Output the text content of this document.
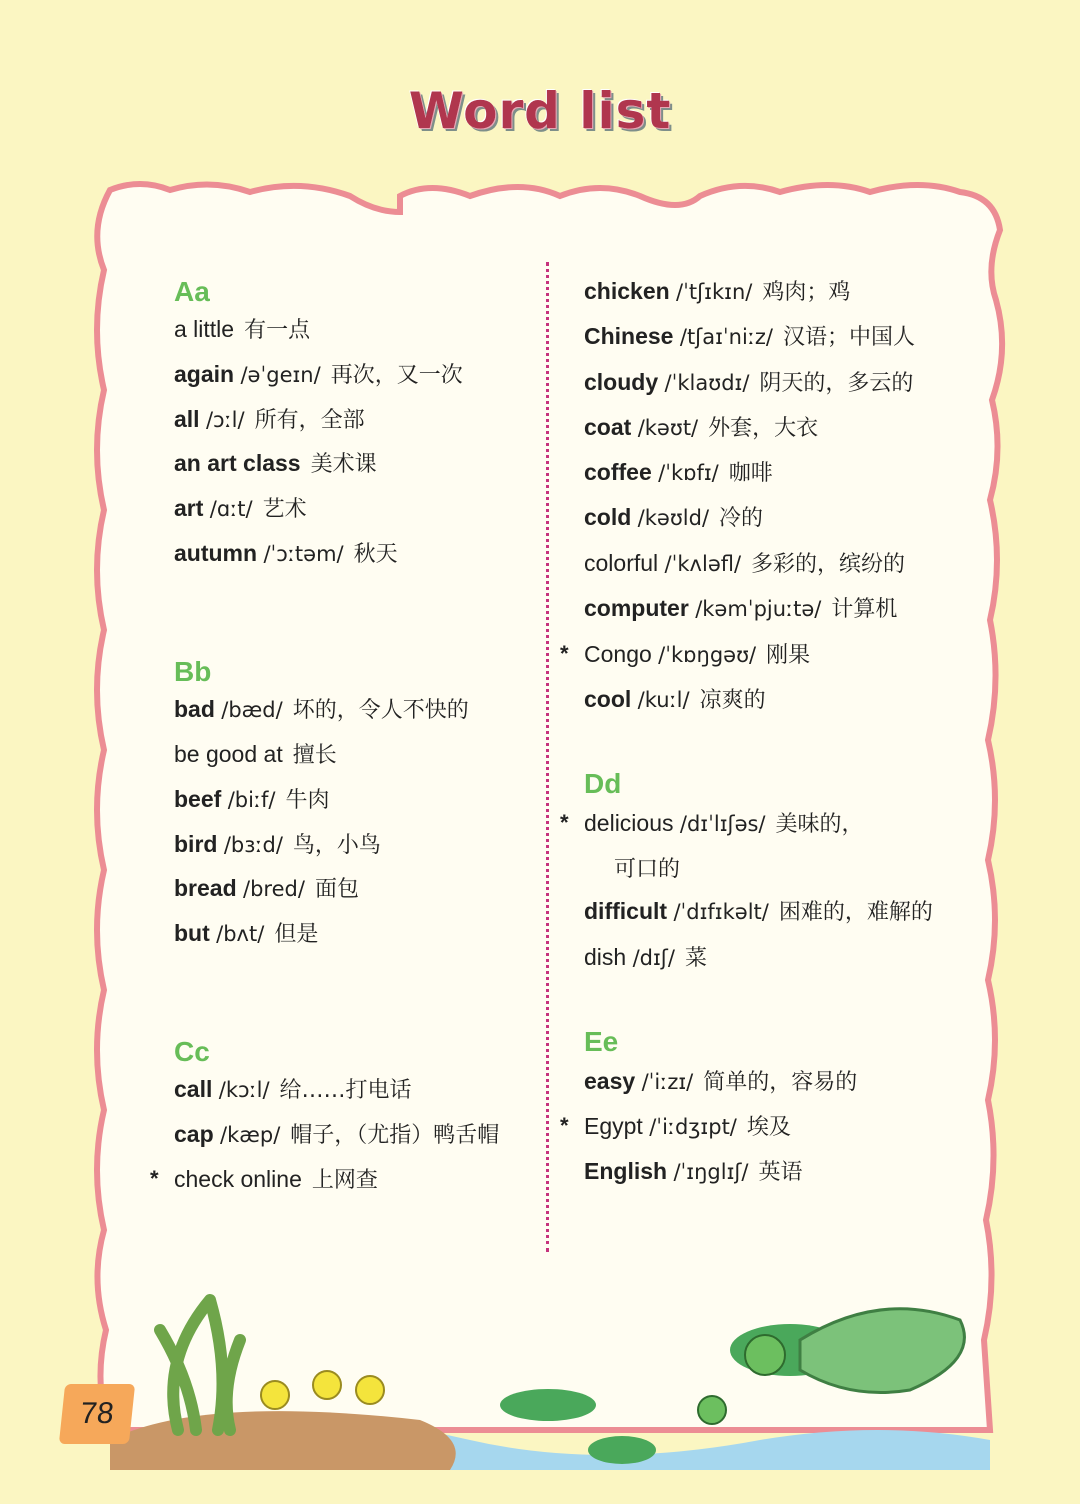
Word list
Aa
Bb
Cc
a little 有一点
again /əˈgeɪn/ 再次，又一次
all /ɔːl/ 所有，全部
an art class 美术课
art /ɑːt/ 艺术
autumn /ˈɔːtəm/ 秋天
bad /bæd/ 坏的，令人不快的
be good at 擅长
beef /biːf/ 牛肉
bird /bɜːd/ 鸟，小鸟
bread /bred/ 面包
but /bʌt/ 但是
call /kɔːl/ 给……打电话
cap /kæp/ 帽子，（尤指）鸭舌帽
check online 上网查
*
Dd
Ee
chicken /ˈtʃɪkɪn/ 鸡肉；鸡
Chinese /tʃaɪˈniːz/ 汉语；中国人
cloudy /ˈklaʊdɪ/ 阴天的，多云的
coat /kəʊt/ 外套，大衣
coffee /ˈkɒfɪ/ 咖啡
cold /kəʊld/ 冷的
colorful /ˈkʌləfl/ 多彩的，缤纷的
computer /kəmˈpjuːtə/ 计算机
Congo /ˈkɒŋgəʊ/ 刚果
*
cool /kuːl/ 凉爽的
delicious /dɪˈlɪʃəs/ 美味的，
*
可口的
difficult /ˈdɪfɪkəlt/ 困难的，难解的
dish /dɪʃ/ 菜
easy /ˈiːzɪ/ 简单的，容易的
Egypt /ˈiːdʒɪpt/ 埃及
*
English /ˈɪŋglɪʃ/ 英语
78
